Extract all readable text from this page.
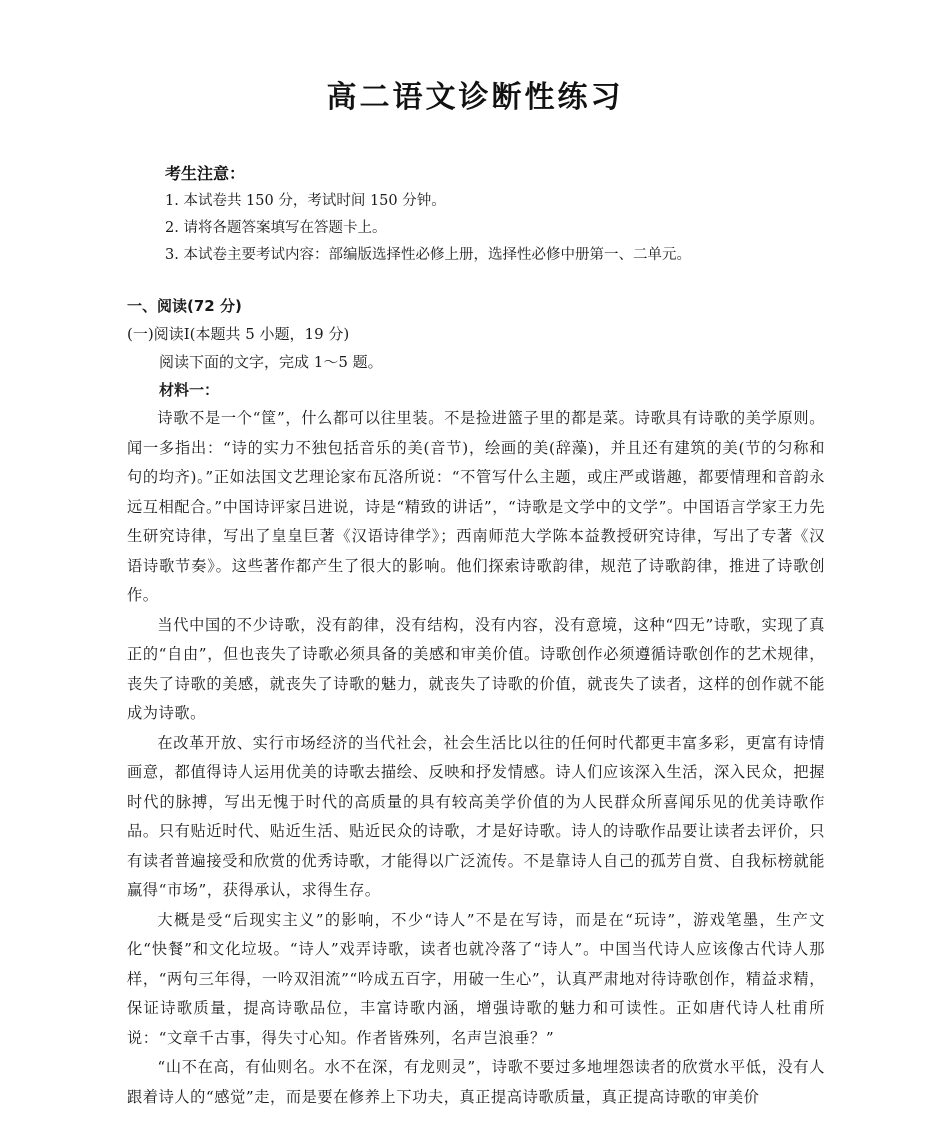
高二语文诊断性练习
考生注意：
1. 本试卷共 150 分，考试时间 150 分钟。
2. 请将各题答案填写在答题卡上。
3. 本试卷主要考试内容：部编版选择性必修上册，选择性必修中册第一、二单元。
一、阅读(72 分)
(一)阅读Ⅰ(本题共 5 小题，19 分)
阅读下面的文字，完成 1～5 题。
材料一：

诗歌不是一个“筐”，什么都可以往里装。不是捡进篮子里的都是菜。诗歌具有诗歌的美学原则。闻一多指出：“诗的实力不独包括音乐的美(音节)，绘画的美(辞藻)，并且还有建筑的美(节的匀称和句的均齐)。”正如法国文艺理论家布瓦洛所说：“不管写什么主题，或庄严或谐趣，都要情理和音韵永远互相配合。”中国诗评家吕进说，诗是“精致的讲话”，“诗歌是文学中的文学”。中国语言学家王力先生研究诗律，写出了皇皇巨著《汉语诗律学》；西南师范大学陈本益教授研究诗律，写出了专著《汉语诗歌节奏》。这些著作都产生了很大的影响。他们探索诗歌韵律，规范了诗歌韵律，推进了诗歌创作。

当代中国的不少诗歌，没有韵律，没有结构，没有内容，没有意境，这种“四无”诗歌，实现了真正的“自由”，但也丧失了诗歌必须具备的美感和审美价值。诗歌创作必须遵循诗歌创作的艺术规律，丧失了诗歌的美感，就丧失了诗歌的魅力，就丧失了诗歌的价值，就丧失了读者，这样的创作就不能成为诗歌。

在改革开放、实行市场经济的当代社会，社会生活比以往的任何时代都更丰富多彩，更富有诗情画意，都值得诗人运用优美的诗歌去描绘、反映和抒发情感。诗人们应该深入生活，深入民众，把握时代的脉搏，写出无愧于时代的高质量的具有较高美学价值的为人民群众所喜闻乐见的优美诗歌作品。只有贴近时代、贴近生活、贴近民众的诗歌，才是好诗歌。诗人的诗歌作品要让读者去评价，只有读者普遍接受和欣赏的优秀诗歌，才能得以广泛流传。不是靠诗人自己的孤芳自赏、自我标榜就能赢得“市场”，获得承认，求得生存。

大概是受“后现实主义”的影响，不少“诗人”不是在写诗，而是在“玩诗”，游戏笔墨，生产文化“快餐”和文化垃圾。“诗人”戏弄诗歌，读者也就冷落了“诗人”。中国当代诗人应该像古代诗人那样，“两句三年得，一吟双泪流”“吟成五百字，用破一生心”，认真严肃地对待诗歌创作，精益求精，保证诗歌质量，提高诗歌品位，丰富诗歌内涵，增强诗歌的魅力和可读性。正如唐代诗人杜甫所说：“文章千古事，得失寸心知。作者皆殊列，名声岂浪垂？”

“山不在高，有仙则名。水不在深，有龙则灵”，诗歌不要过多地埋怨读者的欣赏水平低，没有人跟着诗人的“感觉”走，而是要在修养上下功夫，真正提高诗歌质量，真正提高诗歌的审美价
